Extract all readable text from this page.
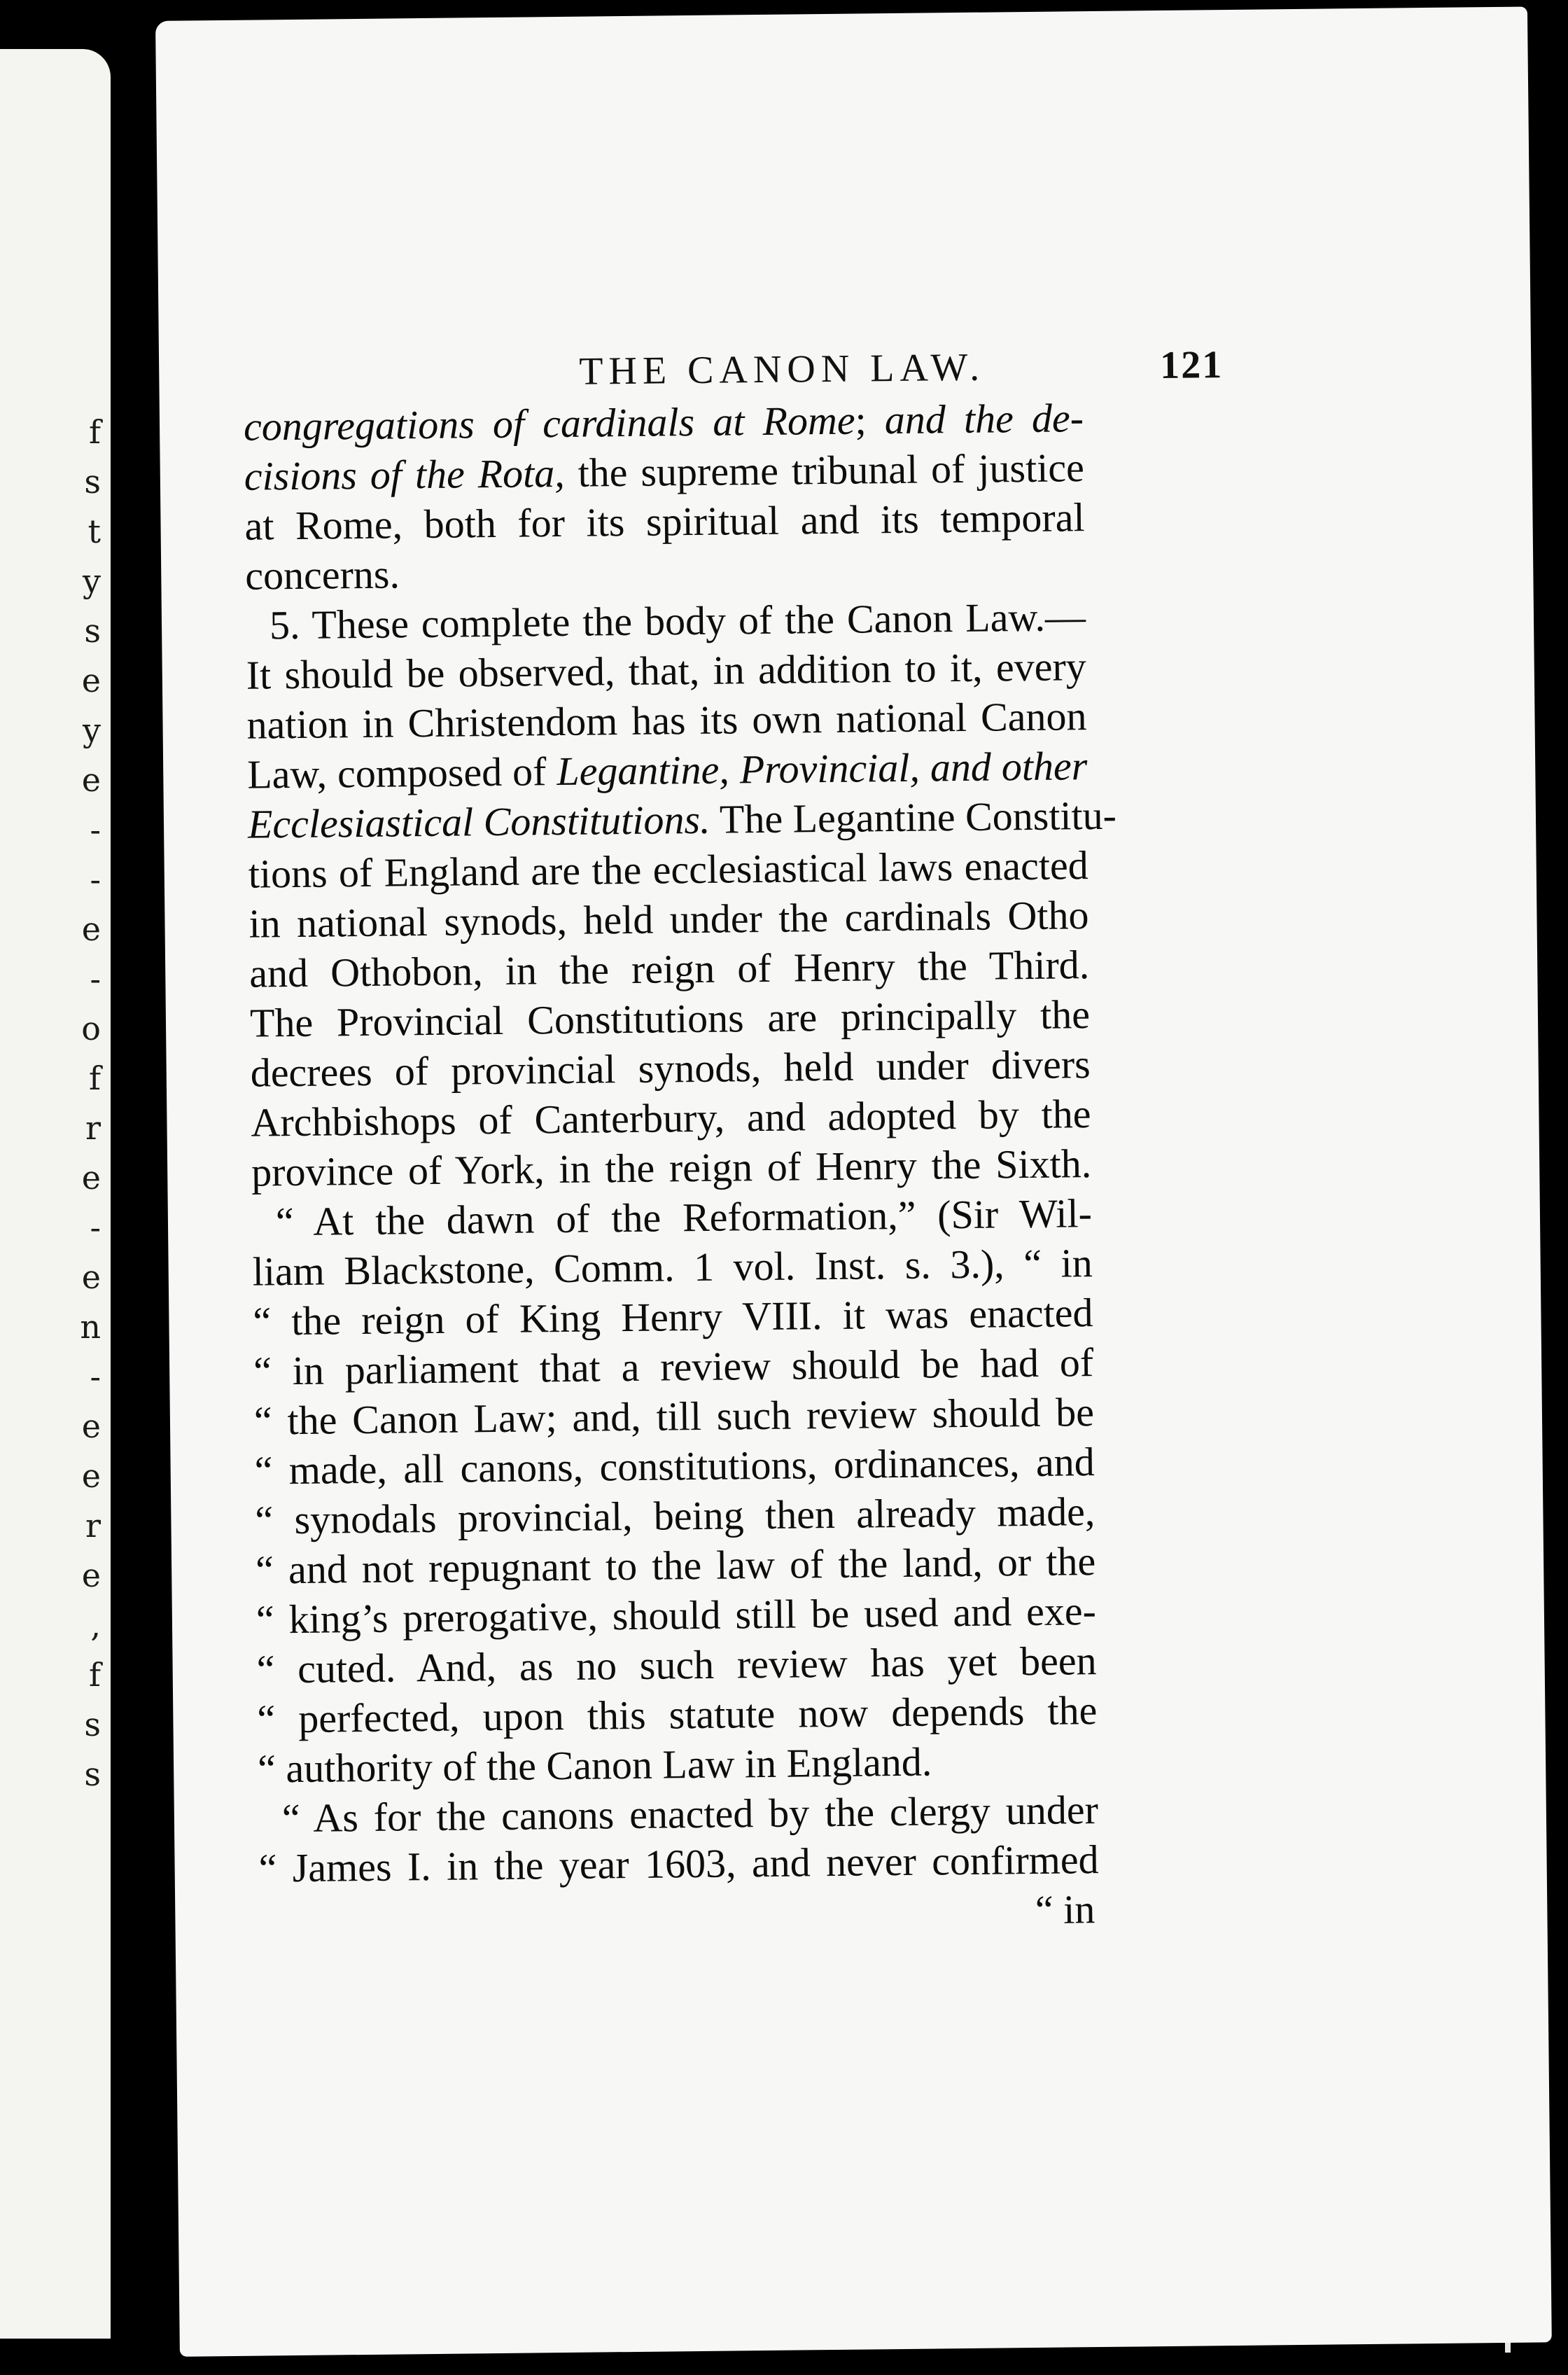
f
s
t
y
s
e
y
e
-
-
e
-
o
f
r
e
-
e
n
-
e
e
r
e
,
f
s
s
THE CANON LAW.	121
congregations of cardinals at Rome; and the de-
cisions of the Rota, the supreme tribunal of justice
at Rome, both for its spiritual and its temporal
concerns.
5. These complete the body of the Canon Law.—
It should be observed, that, in addition to it, every
nation in Christendom has its own national Canon
Law, composed of Legantine, Provincial, and other
Ecclesiastical Constitutions. The Legantine Constitu-
tions of England are the ecclesiastical laws enacted
in national synods, held under the cardinals Otho
and Othobon, in the reign of Henry the Third.
The Provincial Constitutions are principally the
decrees of provincial synods, held under divers
Archbishops of Canterbury, and adopted by the
province of York, in the reign of Henry the Sixth.
“ At the dawn of the Reformation,” (Sir Wil-
liam Blackstone, Comm. 1 vol. Inst. s. 3.), “ in
“ the reign of King Henry VIII. it was enacted
“ in parliament that a review should be had of
“ the Canon Law; and, till such review should be
“ made, all canons, constitutions, ordinances, and
“ synodals provincial, being then already made,
“ and not repugnant to the law of the land, or the
“ king’s prerogative, should still be used and exe-
“ cuted. And, as no such review has yet been
“ perfected, upon this statute now depends the
“ authority of the Canon Law in England.
“ As for the canons enacted by the clergy under
“ James I. in the year 1603, and never confirmed
“ in
